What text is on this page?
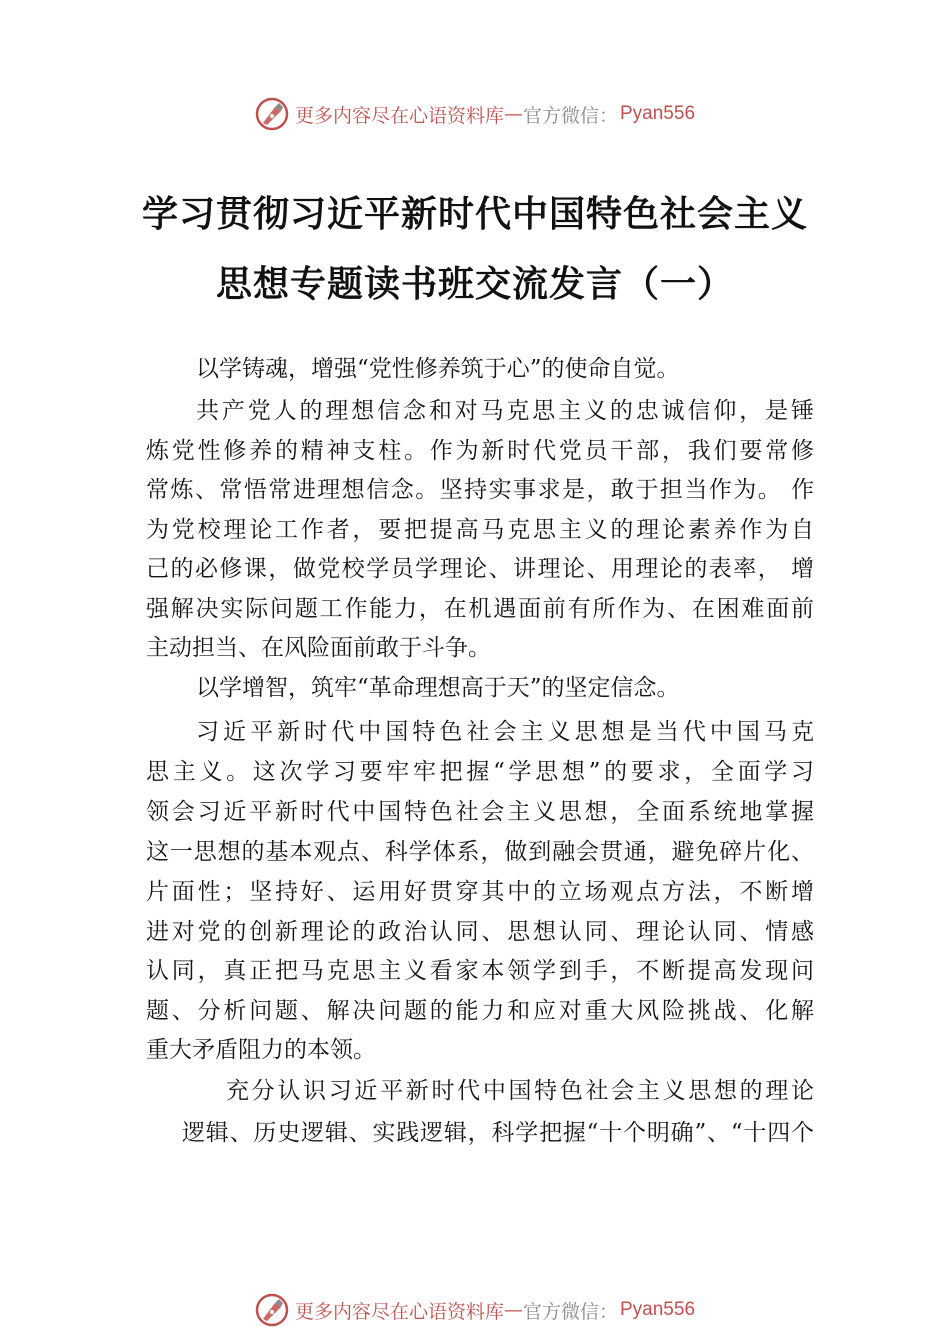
更多内容尽在心语资料库 — 官方微信： Pyan556
学习贯彻习近平新时代中国特色社会主义
思想专题读书班交流发言（一）
以学铸魂，增强“党性修养筑于心”的使命自觉。
共产党人的理想信念和对马克思主义的忠诚信仰，是锤
炼党性修养的精神支柱。作为新时代党员干部，我们要常修
常炼、常悟常进理想信念。坚持实事求是，敢于担当作为。 作
为党校理论工作者，要把提高马克思主义的理论素养作为自
己的必修课，做党校学员学理论、讲理论、用理论的表率， 增
强解决实际问题工作能力，在机遇面前有所作为、在困难面前
主动担当、在风险面前敢于斗争。
以学增智，筑牢“革命理想高于天”的坚定信念。
习近平新时代中国特色社会主义思想是当代中国马克
思主义。这次学习要牢牢把握“学思想”的要求，全面学习
领会习近平新时代中国特色社会主义思想，全面系统地掌握
这一思想的基本观点、科学体系，做到融会贯通，避免碎片化、
片面性；坚持好、运用好贯穿其中的立场观点方法，不断增
进对党的创新理论的政治认同、思想认同、理论认同、情感
认同，真正把马克思主义看家本领学到手，不断提高发现问
题、分析问题、解决问题的能力和应对重大风险挑战、化解
重大矛盾阻力的本领。
充分认识习近平新时代中国特色社会主义思想的理论
逻辑、历史逻辑、实践逻辑，科学把握“十个明确”、“十四个
更多内容尽在心语资料库 — 官方微信： Pyan556
